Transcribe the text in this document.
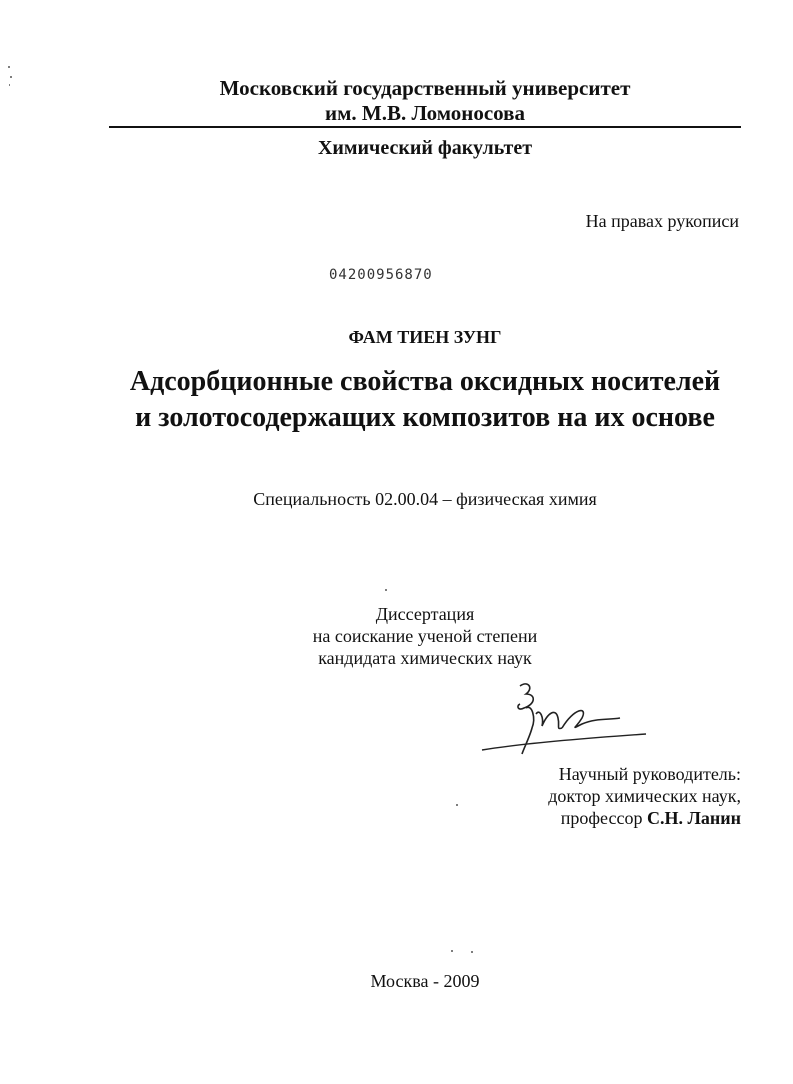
Московский государственный университет
им. М.В. Ломоносова
Химический факультет
На правах рукописи
04200956870
ФАМ ТИЕН ЗУНГ
Адсорбционные свойства оксидных носителей
и золотосодержащих композитов на их основе
Специальность 02.00.04 – физическая химия
Диссертация
на соискание ученой степени
кандидата химических наук
Научный руководитель:
доктор химических наук,
профессор С.Н. Ланин
Москва - 2009
